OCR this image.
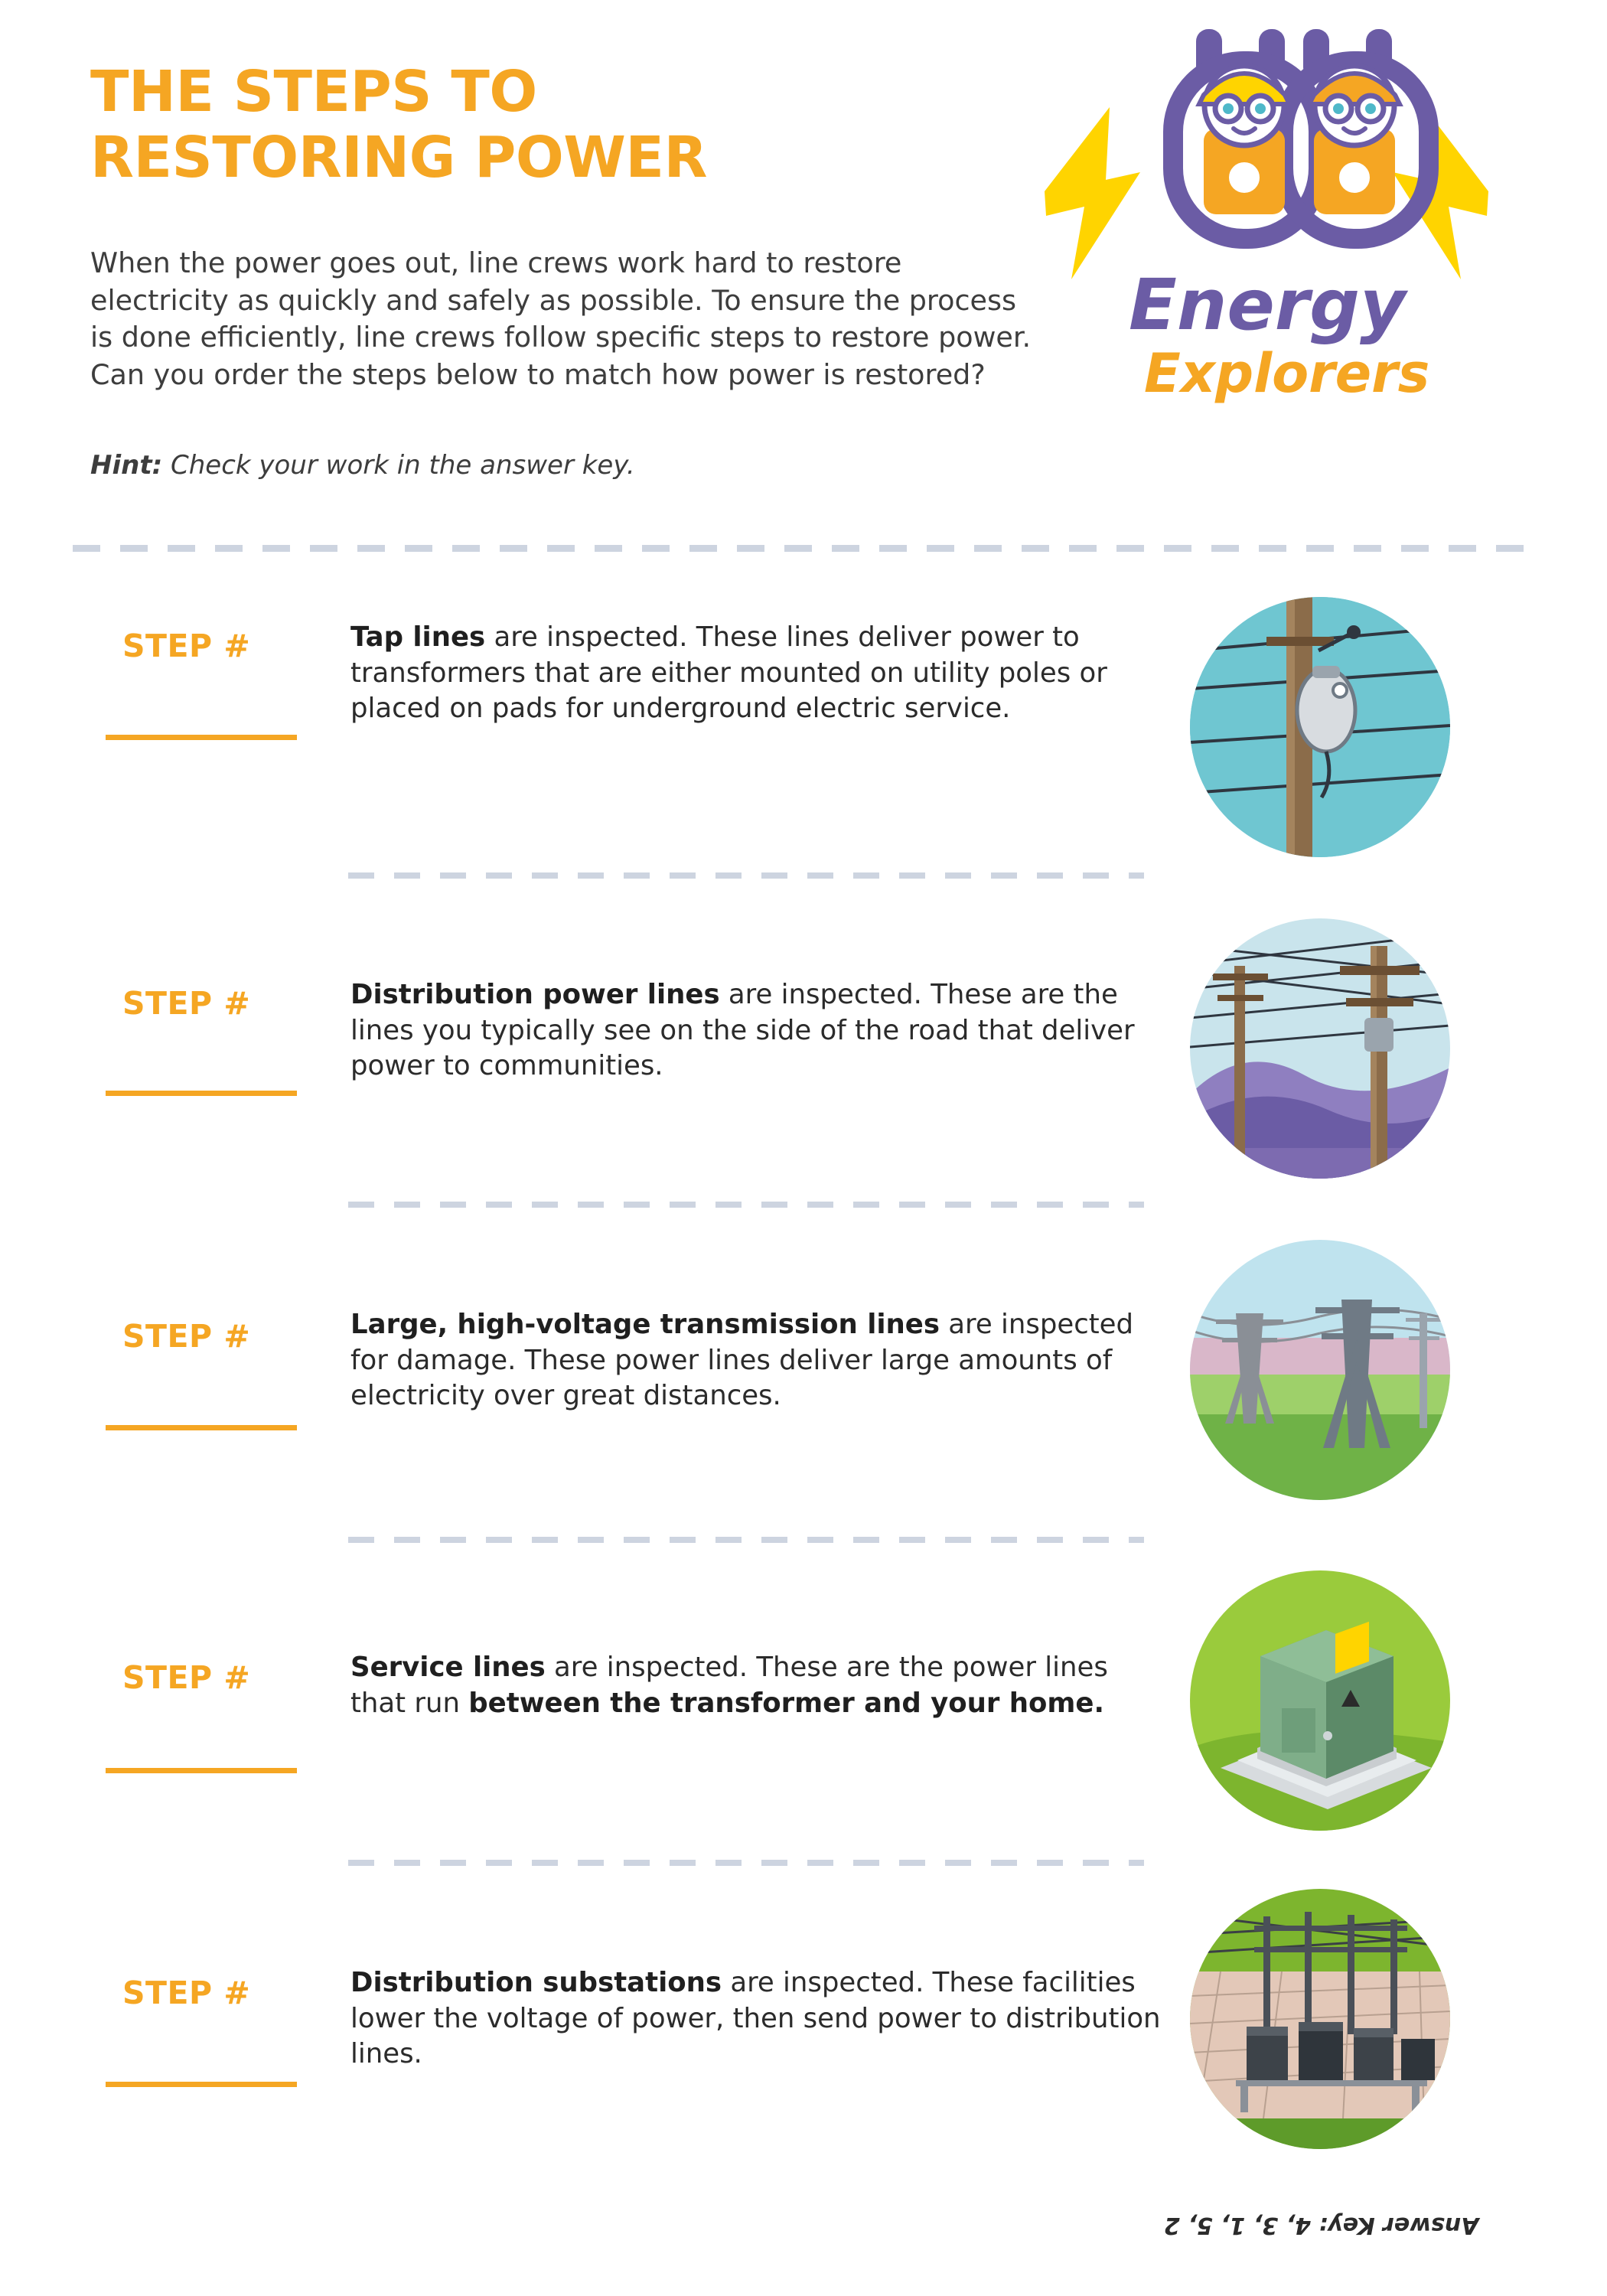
THE STEPS TO
RESTORING POWER
When the power goes out, line crews work hard to restore electricity as quickly and safely as possible. To ensure the process is done efficiently, line crews follow specific steps to restore power. Can you order the steps below to match how power is restored?
Hint: Check your work in the answer key.
Energy
Explorers
STEP #	Tap lines are inspected. These lines deliver power to transformers that are either mounted on utility poles or placed on pads for underground electric service.
STEP #	Distribution power lines are inspected. These are the lines you typically see on the side of the road that deliver power to communities.
STEP #	Large, high-voltage transmission lines are inspected for damage. These power lines deliver large amounts of electricity over great distances.
STEP #	Service lines are inspected. These are the power lines that run between the transformer and your home.
STEP #	Distribution substations are inspected. These facilities lower the voltage of power, then send power to distribution lines.
Answer Key: 4, 3, 1, 5, 2
